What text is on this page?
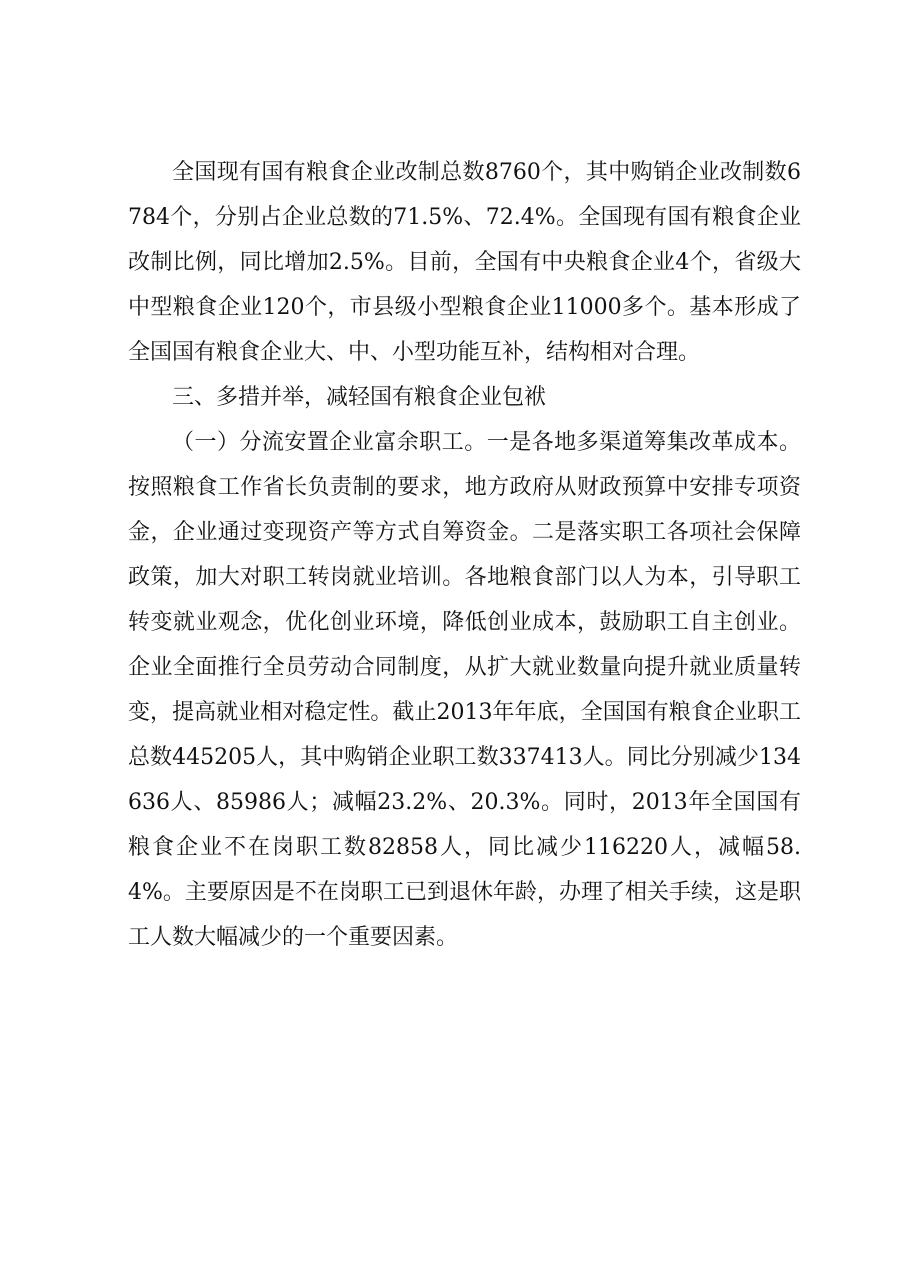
全国现有国有粮食企业改制总数8760个，其中购销企业改制数6784个，分别占企业总数的71.5%、72.4%。全国现有国有粮食企业改制比例，同比增加2.5%。目前，全国有中央粮食企业4个，省级大中型粮食企业120个，市县级小型粮食企业11000多个。基本形成了全国国有粮食企业大、中、小型功能互补，结构相对合理。

三、多措并举，减轻国有粮食企业包袱

（一）分流安置企业富余职工。一是各地多渠道筹集改革成本。按照粮食工作省长负责制的要求，地方政府从财政预算中安排专项资金，企业通过变现资产等方式自筹资金。二是落实职工各项社会保障政策，加大对职工转岗就业培训。各地粮食部门以人为本，引导职工转变就业观念，优化创业环境，降低创业成本，鼓励职工自主创业。企业全面推行全员劳动合同制度，从扩大就业数量向提升就业质量转变，提高就业相对稳定性。截止2013年年底，全国国有粮食企业职工总数445205人，其中购销企业职工数337413人。同比分别减少134636人、85986人；减幅23.2%、20.3%。同时，2013年全国国有粮食企业不在岗职工数82858人，同比减少116220人，减幅58.4%。主要原因是不在岗职工已到退休年龄，办理了相关手续，这是职工人数大幅减少的一个重要因素。
